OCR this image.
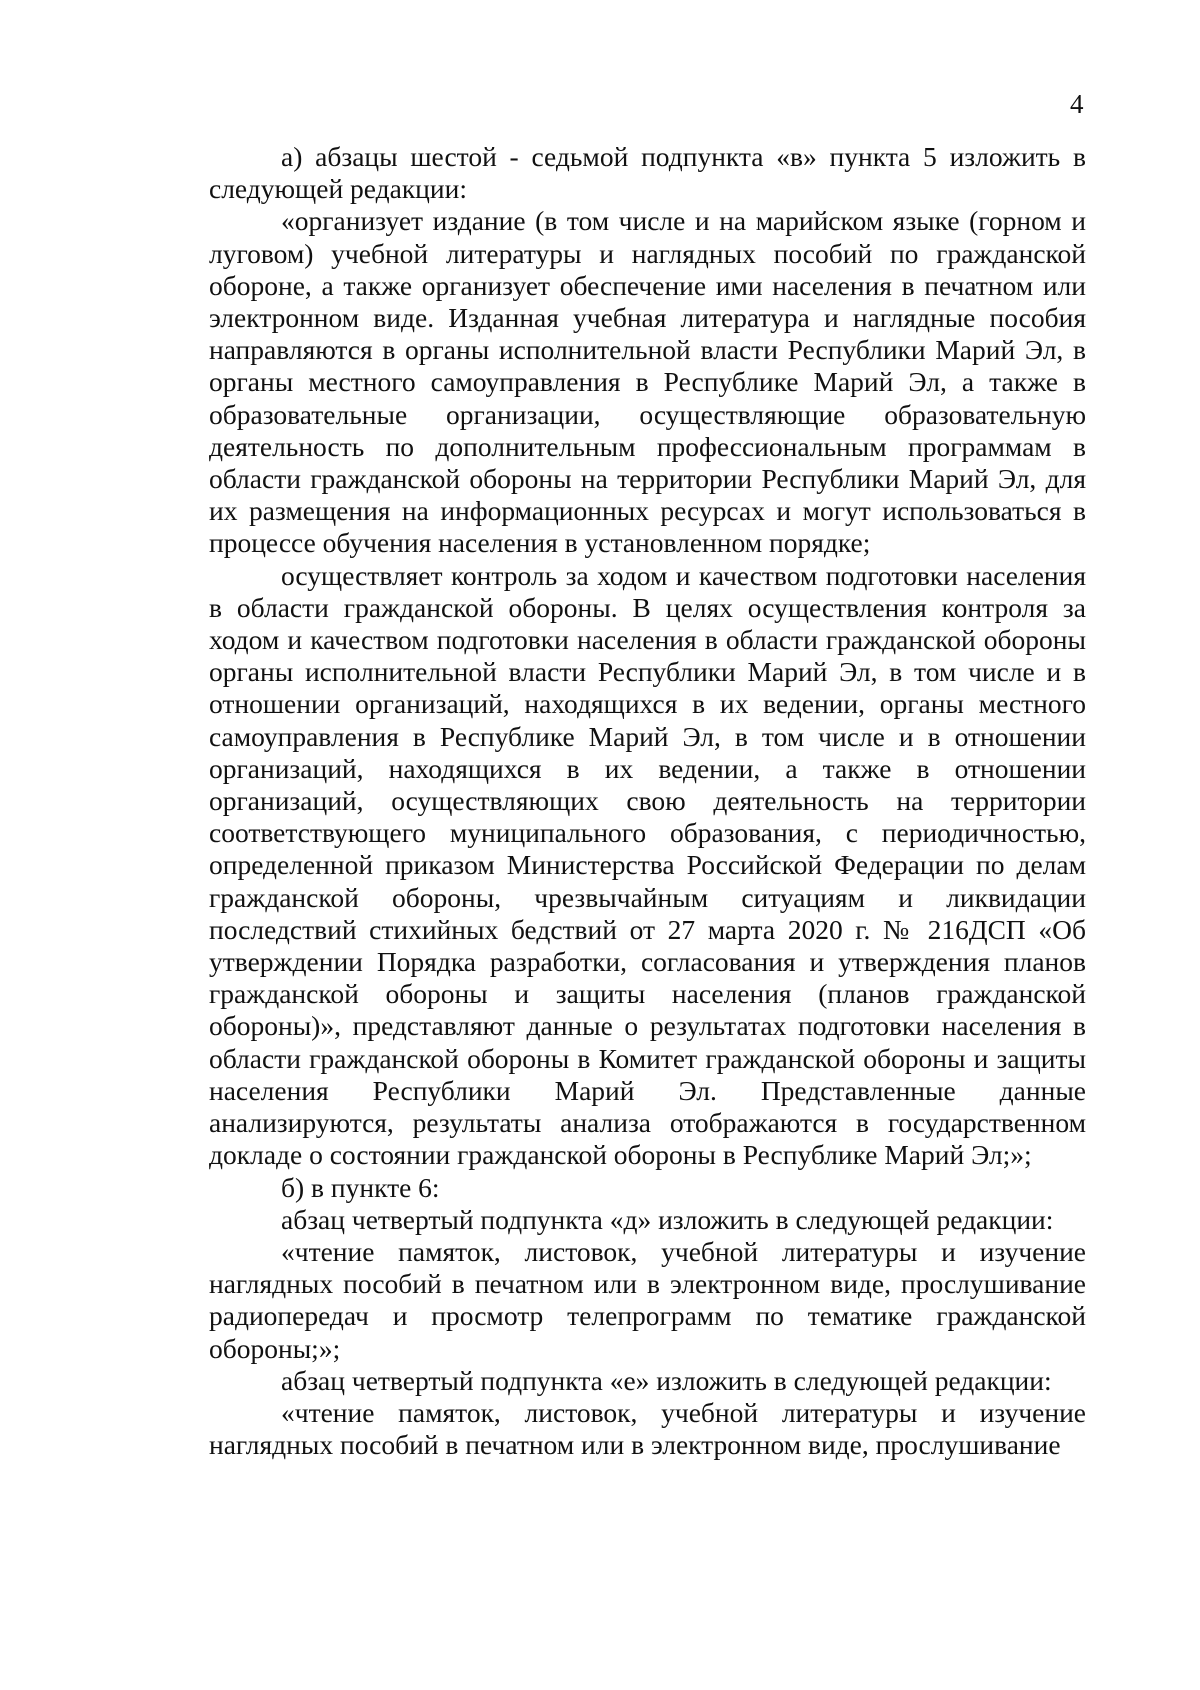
4

а) абзацы шестой - седьмой подпункта «в» пункта 5 изложить в следующей редакции:

«организует издание (в том числе и на марийском языке (горном и луговом) учебной литературы и наглядных пособий по гражданской обороне, а также организует обеспечение ими населения в печатном или электронном виде. Изданная учебная литература и наглядные пособия направляются в органы исполнительной власти Республики Марий Эл, в органы местного самоуправления в Республике Марий Эл, а также в образовательные организации, осуществляющие образовательную деятельность по дополнительным профессиональным программам в области гражданской обороны на территории Республики Марий Эл, для их размещения на информационных ресурсах и могут использоваться в процессе обучения населения в установленном порядке;

осуществляет контроль за ходом и качеством подготовки населения в области гражданской обороны. В целях осуществления контроля за ходом и качеством подготовки населения в области гражданской обороны органы исполнительной власти Республики Марий Эл, в том числе и в отношении организаций, находящихся в их ведении, органы местного самоуправления в Республике Марий Эл, в том числе и в отношении организаций, находящихся в их ведении, а также в отношении организаций, осуществляющих свою деятельность на территории соответствующего муниципального образования, с периодичностью, определенной приказом Министерства Российской Федерации по делам гражданской обороны, чрезвычайным ситуациям и ликвидации последствий стихийных бедствий от 27 марта 2020 г. № 216ДСП «Об утверждении Порядка разработки, согласования и утверждения планов гражданской обороны и защиты населения (планов гражданской обороны)», представляют данные о результатах подготовки населения в области гражданской обороны в Комитет гражданской обороны и защиты населения Республики Марий Эл. Представленные данные анализируются, результаты анализа отображаются в государственном докладе о состоянии гражданской обороны в Республике Марий Эл;»;

б) в пункте 6:

абзац четвертый подпункта «д» изложить в следующей редакции:

«чтение памяток, листовок, учебной литературы и изучение наглядных пособий в печатном или в электронном виде, прослушивание радиопередач и просмотр телепрограмм по тематике гражданской обороны;»;

абзац четвертый подпункта «е» изложить в следующей редакции:

«чтение памяток, листовок, учебной литературы и изучение наглядных пособий в печатном или в электронном виде, прослушивание
